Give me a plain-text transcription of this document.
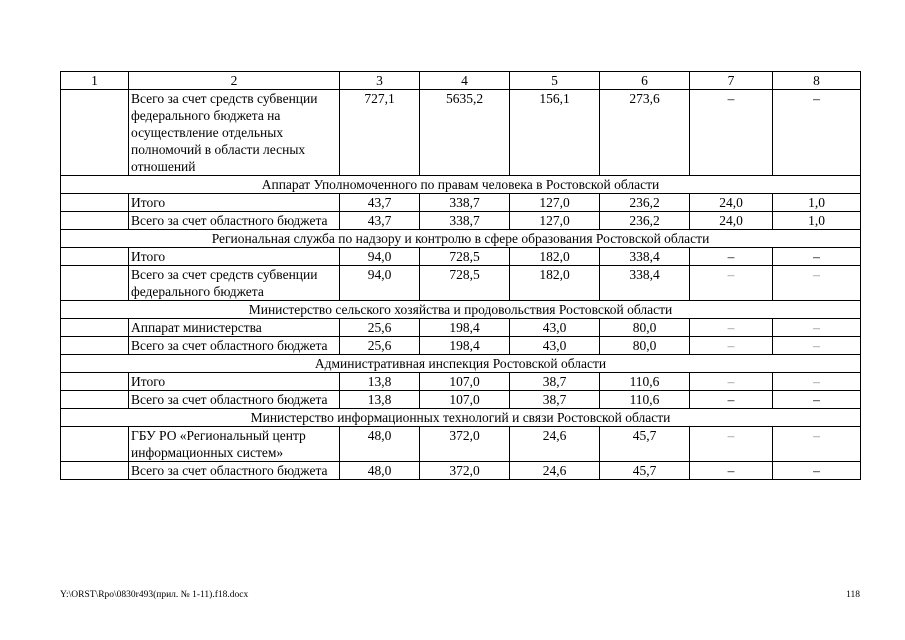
1	2	3	4	5	6	7	8
	Всего за счет средств субвенции федерального бюджета на осуществление отдельных полномочий в области лесных отношений	727,1	5635,2	156,1	273,6	–	–
Аппарат Уполномоченного по правам человека в Ростовской области							
	Итого	43,7	338,7	127,0	236,2	24,0	1,0
	Всего за счет областного бюджета	43,7	338,7	127,0	236,2	24,0	1,0
Региональная служба по надзору и контролю в сфере образования Ростовской области							
	Итого	94,0	728,5	182,0	338,4	–	–
	Всего за счет средств субвенции федерального бюджета	94,0	728,5	182,0	338,4	–	–
Министерство сельского хозяйства и продовольствия Ростовской области							
	Аппарат министерства	25,6	198,4	43,0	80,0	–	–
	Всего за счет областного бюджета	25,6	198,4	43,0	80,0	–	–
Административная инспекция Ростовской области							
	Итого	13,8	107,0	38,7	110,6	–	–
	Всего за счет областного бюджета	13,8	107,0	38,7	110,6	–	–
Министерство информационных технологий и связи Ростовской области							
	ГБУ РО «Региональный центр информационных систем»	48,0	372,0	24,6	45,7	–	–
	Всего за счет областного бюджета	48,0	372,0	24,6	45,7	–	–
Y:\ORST\Rpo\0830r493(прил. № 1-11).f18.docx	118
